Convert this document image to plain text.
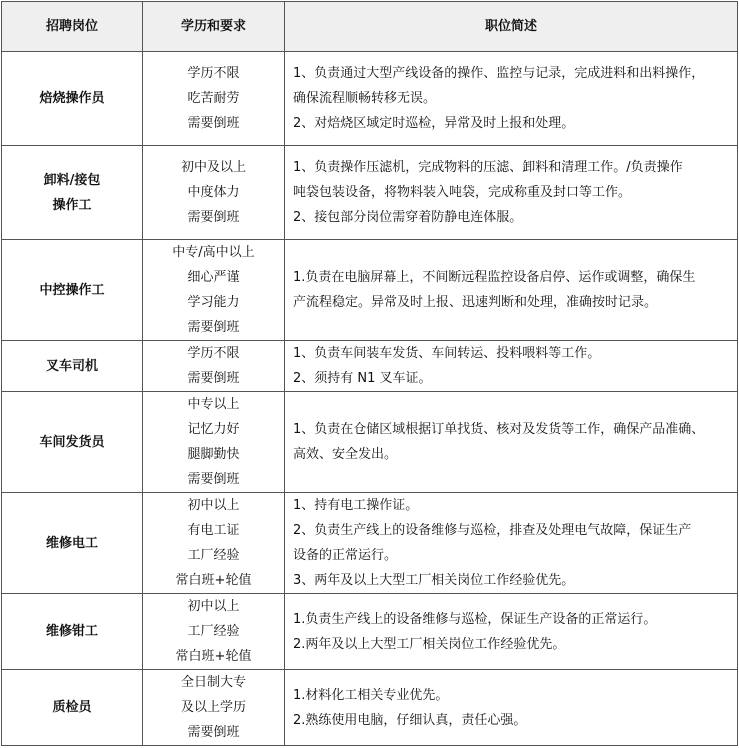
招聘岗位	学历和要求	职位简述

焙烧操作员	学历不限
吃苦耐劳
需要倒班	1、负责通过大型产线设备的操作、监控与记录，完成进料和出料操作，
确保流程顺畅转移无误。
2、对焙烧区域定时巡检，异常及时上报和处理。

卸料/接包
操作工	初中及以上
中度体力
需要倒班	1、负责操作压滤机，完成物料的压滤、卸料和清理工作。/负责操作
吨袋包装设备，将物料装入吨袋，完成称重及封口等工作。
2、接包部分岗位需穿着防静电连体服。

中控操作工	中专/高中以上
细心严谨
学习能力
需要倒班	1.负责在电脑屏幕上，不间断远程监控设备启停、运作或调整，确保生
产流程稳定。异常及时上报、迅速判断和处理，准确按时记录。

叉车司机	学历不限
需要倒班	1、负责车间装车发货、车间转运、投料喂料等工作。
2、须持有 N1 叉车证。

车间发货员	中专以上
记忆力好
腿脚勤快
需要倒班	1、负责在仓储区域根据订单找货、核对及发货等工作，确保产品准确、
高效、安全发出。

维修电工	初中以上
有电工证
工厂经验
常白班+轮值	1、持有电工操作证。
2、负责生产线上的设备维修与巡检，排查及处理电气故障，保证生产
设备的正常运行。
3、两年及以上大型工厂相关岗位工作经验优先。

维修钳工	初中以上
工厂经验
常白班+轮值	1.负责生产线上的设备维修与巡检，保证生产设备的正常运行。
2.两年及以上大型工厂相关岗位工作经验优先。

质检员	全日制大专
及以上学历
需要倒班	1.材料化工相关专业优先。
2.熟练使用电脑，仔细认真，责任心强。
